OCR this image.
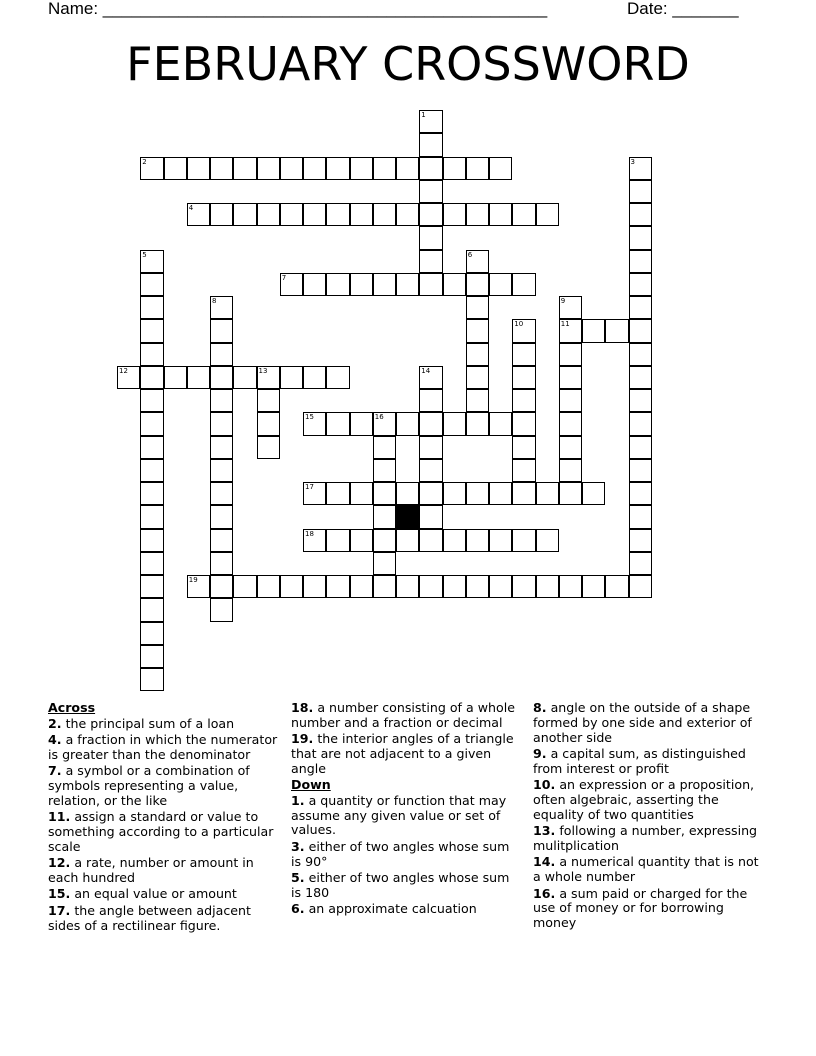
Name: _______________________________________________	Date: _______
FEBRUARY CROSSWORD
1
2	3
4
5	6
7
8	9
11
10
12	13	14
15	16
17
18
19
Across
2. the principal sum of a loan
4. a fraction in which the numerator is greater than the denominator
7. a symbol or a combination of symbols representing a value, relation, or the like
11. assign a standard or value to something according to a particular scale
12. a rate, number or amount in each hundred
15. an equal value or amount
17. the angle between adjacent sides of a rectilinear figure.
18. a number consisting of a whole number and a fraction or decimal
19. the interior angles of a triangle that are not adjacent to a given angle
Down
1. a quantity or function that may assume any given value or set of values.
3. either of two angles whose sum is 90°
5. either of two angles whose sum is 180
6. an approximate calcuation
8. angle on the outside of a shape formed by one side and exterior of another side
9. a capital sum, as distinguished from interest or profit
10. an expression or a proposition, often algebraic, asserting the equality of two quantities
13. following a number, expressing mulitplication
14. a numerical quantity that is not a whole number
16. a sum paid or charged for the use of money or for borrowing money
